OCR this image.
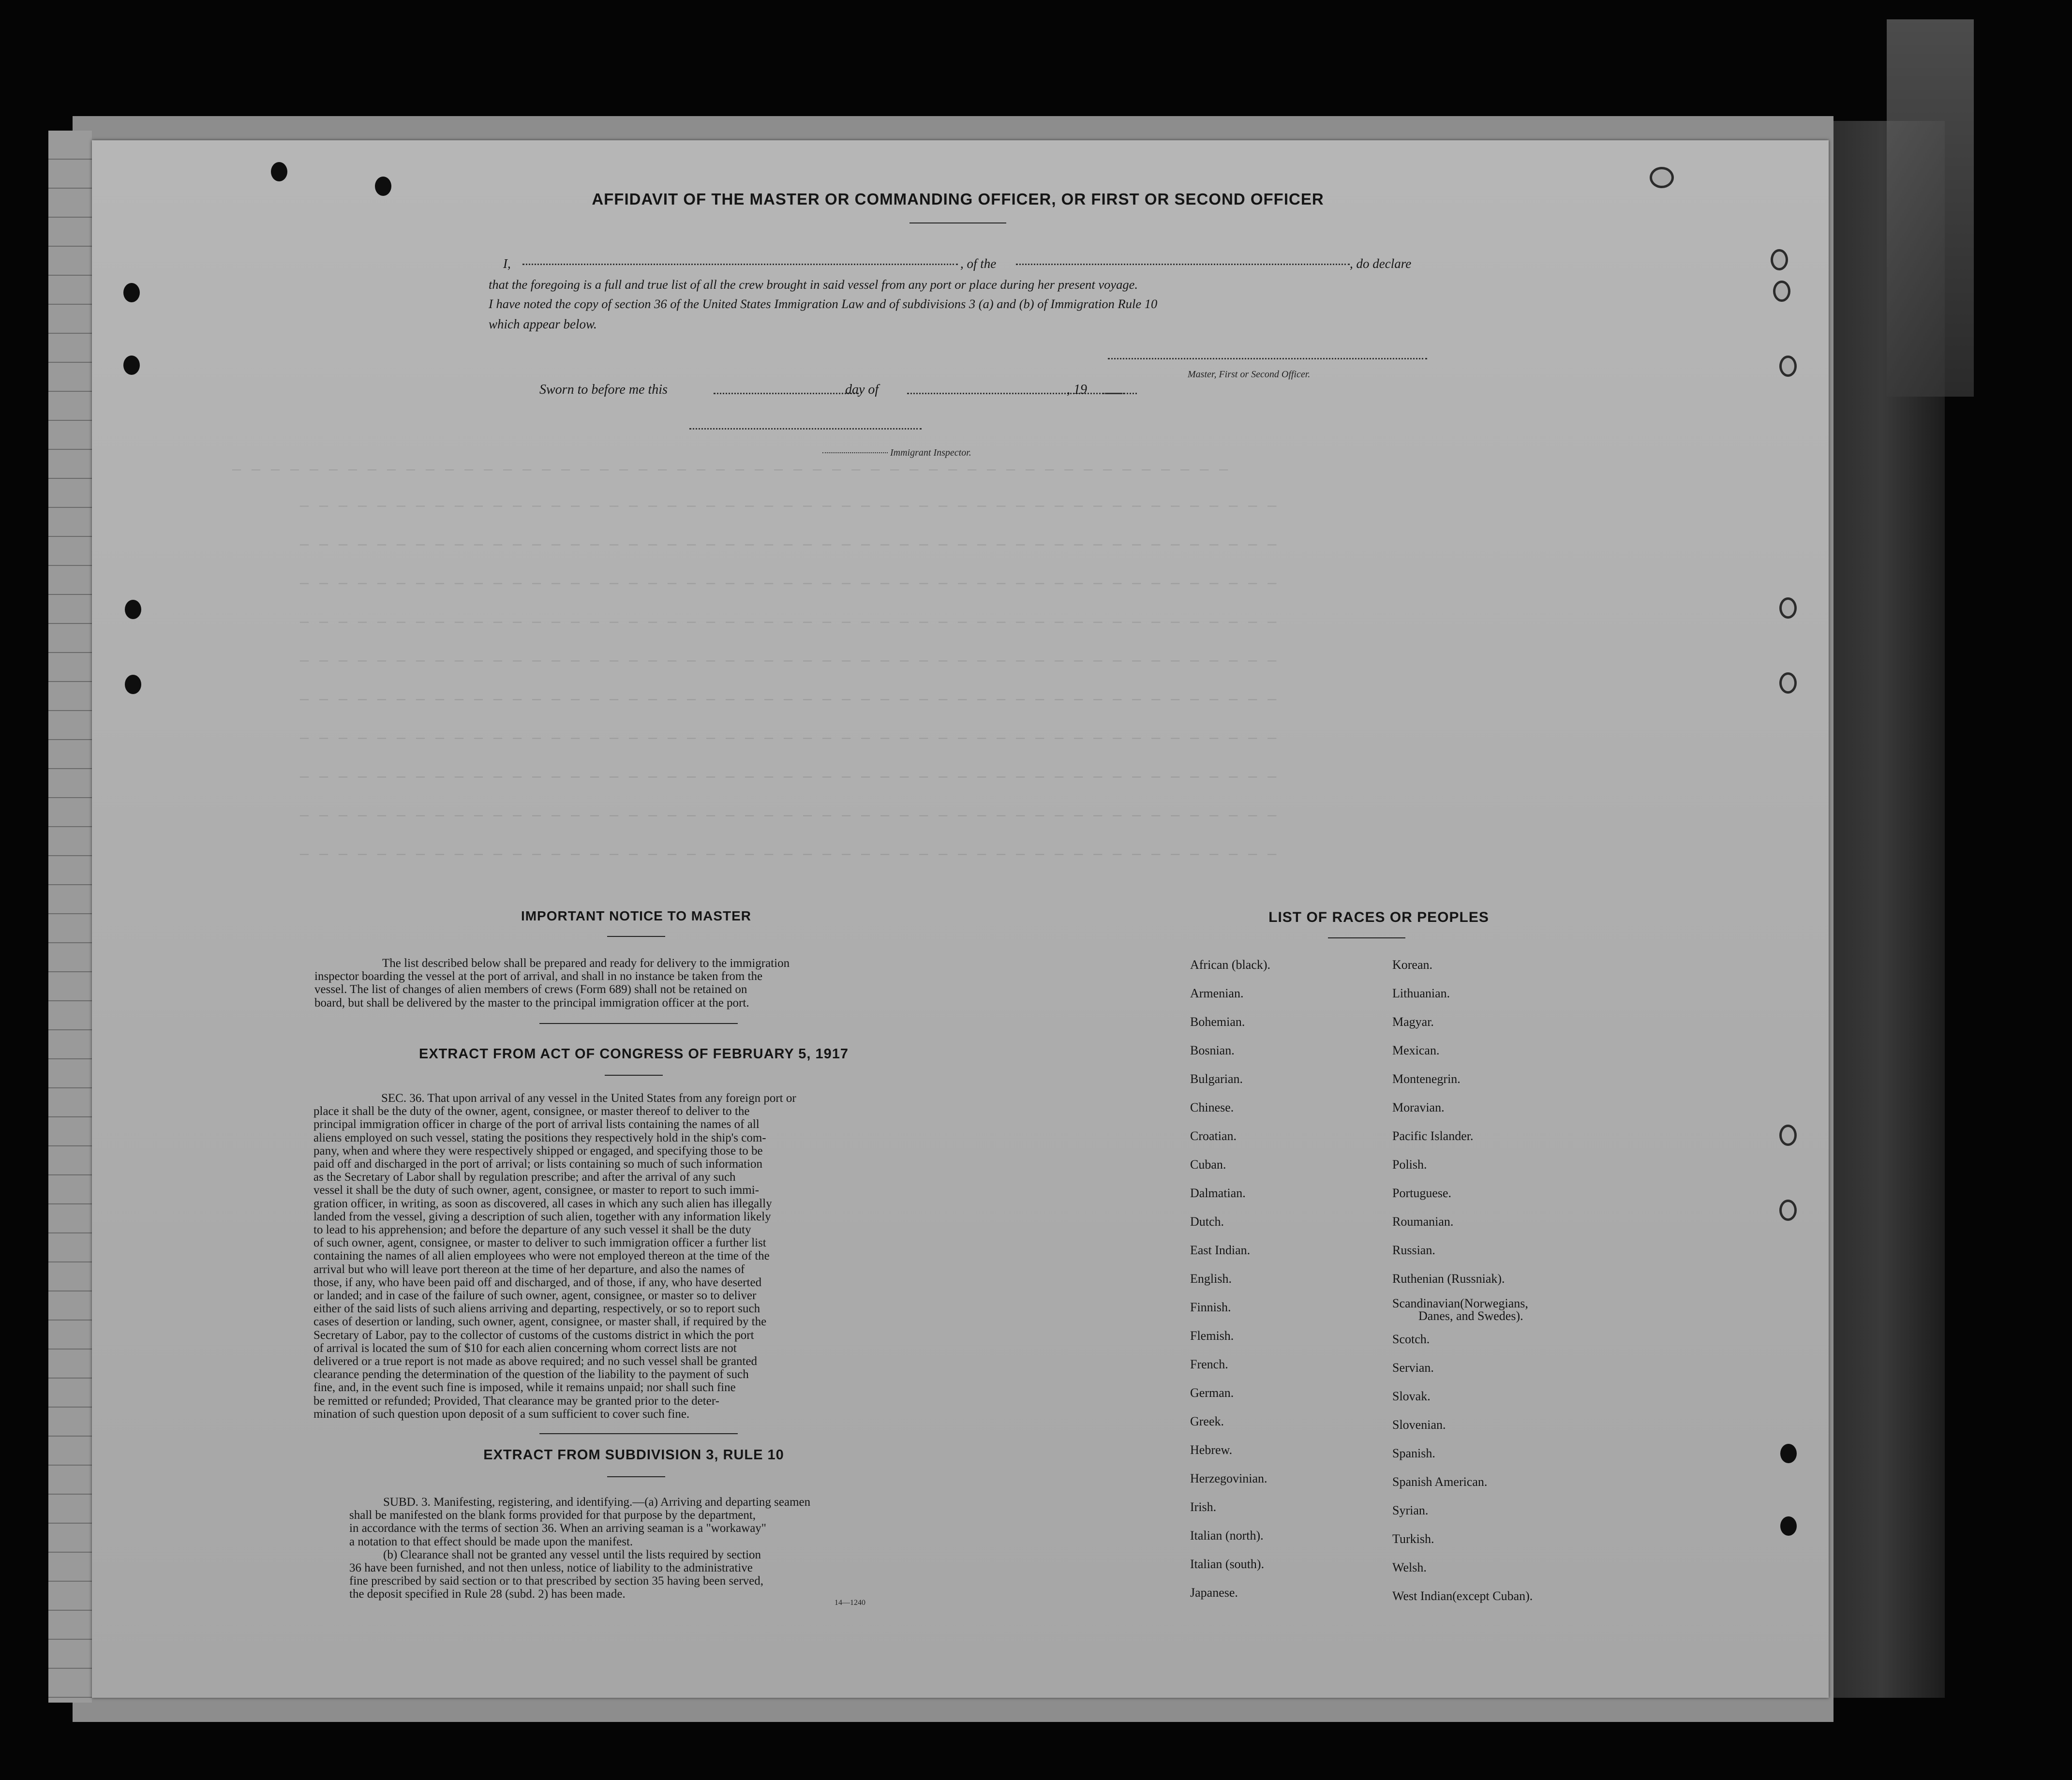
— — — — — — — — — — — — — — — — — — — — — — — — — — — — — — — — — — — — — — — — — — — — — — — — — — — —
— — — — — — — — — — — — — — — — — — — — — — — — — — — — — — — — — — — — — — — — — — — — — — — — — — —
— — — — — — — — — — — — — — — — — — — — — — — — — — — — — — — — — — — — — — — — — — — — — — — — — — —
— — — — — — — — — — — — — — — — — — — — — — — — — — — — — — — — — — — — — — — — — — — — — — — — — — —
— — — — — — — — — — — — — — — — — — — — — — — — — — — — — — — — — — — — — — — — — — — — — — — — — — —
— — — — — — — — — — — — — — — — — — — — — — — — — — — — — — — — — — — — — — — — — — — — — — — — — — —
— — — — — — — — — — — — — — — — — — — — — — — — — — — — — — — — — — — — — — — — — — — — — — — — — — —
— — — — — — — — — — — — — — — — — — — — — — — — — — — — — — — — — — — — — — — — — — — — — — — — — — —
— — — — — — — — — — — — — — — — — — — — — — — — — — — — — — — — — — — — — — — — — — — — — — — — — — —
— — — — — — — — — — — — — — — — — — — — — — — — — — — — — — — — — — — — — — — — — — — — — — — — — — —
— — — — — — — — — — — — — — — — — — — — — — — — — — — — — — — — — — — — — — — — — — — — — — — — — — —
AFFIDAVIT OF THE MASTER OR COMMANDING OFFICER, OR FIRST OR SECOND OFFICER
I,	, of the	, do declare
that the foregoing is a full and true list of all the crew brought in said vessel from any port or place during her present voyage.
I have noted the copy of section 36 of the United States Immigration Law and of subdivisions 3 (a) and (b) of Immigration Rule 10
which appear below.
Master, First or Second Officer.
Sworn to before me this	day of	, 19
Immigrant Inspector.
IMPORTANT NOTICE TO MASTER
The list described below shall be prepared and ready for delivery to the immigration
inspector boarding the vessel at the port of arrival, and shall in no instance be taken from the
vessel. The list of changes of alien members of crews (Form 689) shall not be retained on
board, but shall be delivered by the master to the principal immigration officer at the port.
EXTRACT FROM ACT OF CONGRESS OF FEBRUARY 5, 1917
SEC. 36. That upon arrival of any vessel in the United States from any foreign port or
place it shall be the duty of the owner, agent, consignee, or master thereof to deliver to the
principal immigration officer in charge of the port of arrival lists containing the names of all
aliens employed on such vessel, stating the positions they respectively hold in the ship's com-
pany, when and where they were respectively shipped or engaged, and specifying those to be
paid off and discharged in the port of arrival; or lists containing so much of such information
as the Secretary of Labor shall by regulation prescribe; and after the arrival of any such
vessel it shall be the duty of such owner, agent, consignee, or master to report to such immi-
gration officer, in writing, as soon as discovered, all cases in which any such alien has illegally
landed from the vessel, giving a description of such alien, together with any information likely
to lead to his apprehension; and before the departure of any such vessel it shall be the duty
of such owner, agent, consignee, or master to deliver to such immigration officer a further list
containing the names of all alien employees who were not employed thereon at the time of the
arrival but who will leave port thereon at the time of her departure, and also the names of
those, if any, who have been paid off and discharged, and of those, if any, who have deserted
or landed; and in case of the failure of such owner, agent, consignee, or master so to deliver
either of the said lists of such aliens arriving and departing, respectively, or so to report such
cases of desertion or landing, such owner, agent, consignee, or master shall, if required by the
Secretary of Labor, pay to the collector of customs of the customs district in which the port
of arrival is located the sum of $10 for each alien concerning whom correct lists are not
delivered or a true report is not made as above required; and no such vessel shall be granted
clearance pending the determination of the question of the liability to the payment of such
fine, and, in the event such fine is imposed, while it remains unpaid; nor shall such fine
be remitted or refunded; Provided, That clearance may be granted prior to the deter-
mination of such question upon deposit of a sum sufficient to cover such fine.
EXTRACT FROM SUBDIVISION 3, RULE 10
SUBD. 3. Manifesting, registering, and identifying.—(a) Arriving and departing seamen
shall be manifested on the blank forms provided for that purpose by the department,
in accordance with the terms of section 36. When an arriving seaman is a "workaway"
a notation to that effect should be made upon the manifest.
(b) Clearance shall not be granted any vessel until the lists required by section
36 have been furnished, and not then unless, notice of liability to the administrative
fine prescribed by said section or to that prescribed by section 35 having been served,
the deposit specified in Rule 28 (subd. 2) has been made.
14—1240
LIST OF RACES OR PEOPLES
African (black).
Armenian.
Bohemian.
Bosnian.
Bulgarian.
Chinese.
Croatian.
Cuban.
Dalmatian.
Dutch.
East Indian.
English.
Finnish.
Flemish.
French.
German.
Greek.
Hebrew.
Herzegovinian.
Irish.
Italian (north).
Italian (south).
Japanese.
Korean.
Lithuanian.
Magyar.
Mexican.
Montenegrin.
Moravian.
Pacific Islander.
Polish.
Portuguese.
Roumanian.
Russian.
Ruthenian (Russniak).
Scandinavian(Norwegians,
Danes, and Swedes).
Scotch.
Servian.
Slovak.
Slovenian.
Spanish.
Spanish American.
Syrian.
Turkish.
Welsh.
West Indian(except Cuban).
